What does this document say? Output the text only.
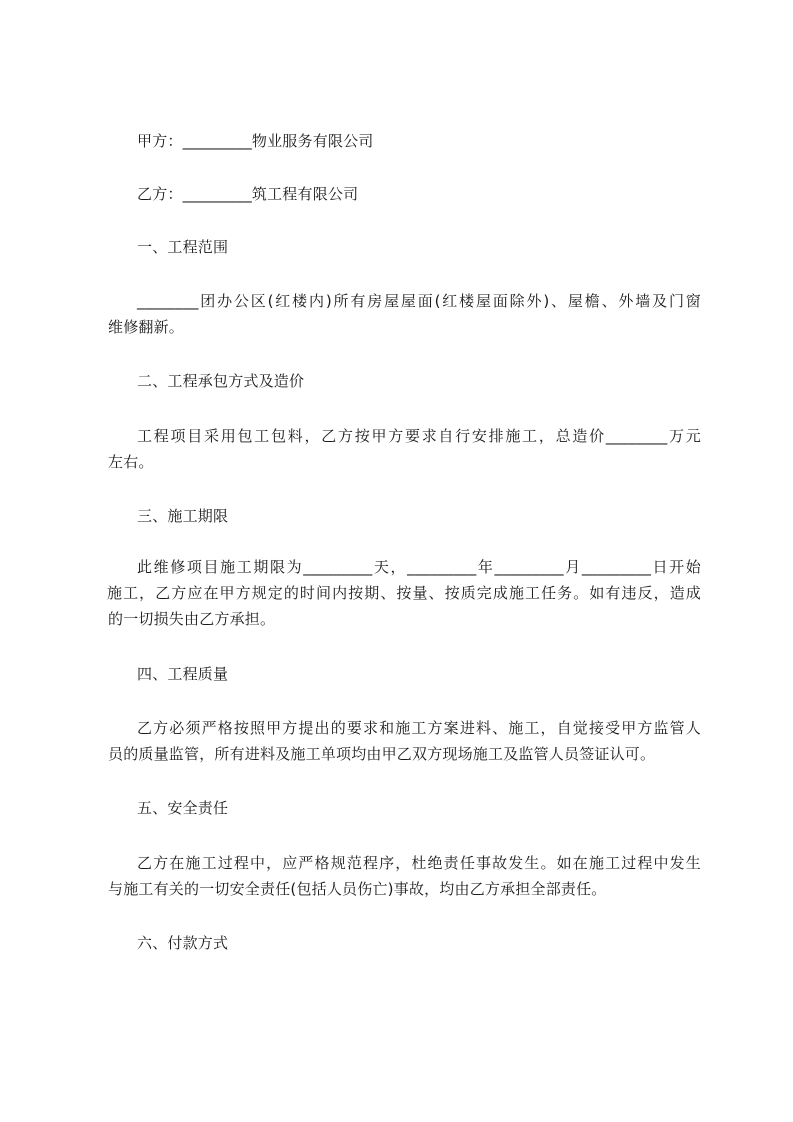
甲方：_________物业服务有限公司
乙方：_________筑工程有限公司
一、工程范围
________团办公区(红楼内)所有房屋屋面(红楼屋面除外)、屋檐、外墙及门窗
维修翻新。
二、工程承包方式及造价
工程项目采用包工包料，乙方按甲方要求自行安排施工，总造价________万元
左右。
三、施工期限
此维修项目施工期限为_________天，_________年_________月_________日开始
施工，乙方应在甲方规定的时间内按期、按量、按质完成施工任务。如有违反，造成
的一切损失由乙方承担。
四、工程质量
乙方必须严格按照甲方提出的要求和施工方案进料、施工，自觉接受甲方监管人
员的质量监管，所有进料及施工单项均由甲乙双方现场施工及监管人员签证认可。
五、安全责任
乙方在施工过程中，应严格规范程序，杜绝责任事故发生。如在施工过程中发生
与施工有关的一切安全责任(包括人员伤亡)事故，均由乙方承担全部责任。
六、付款方式
